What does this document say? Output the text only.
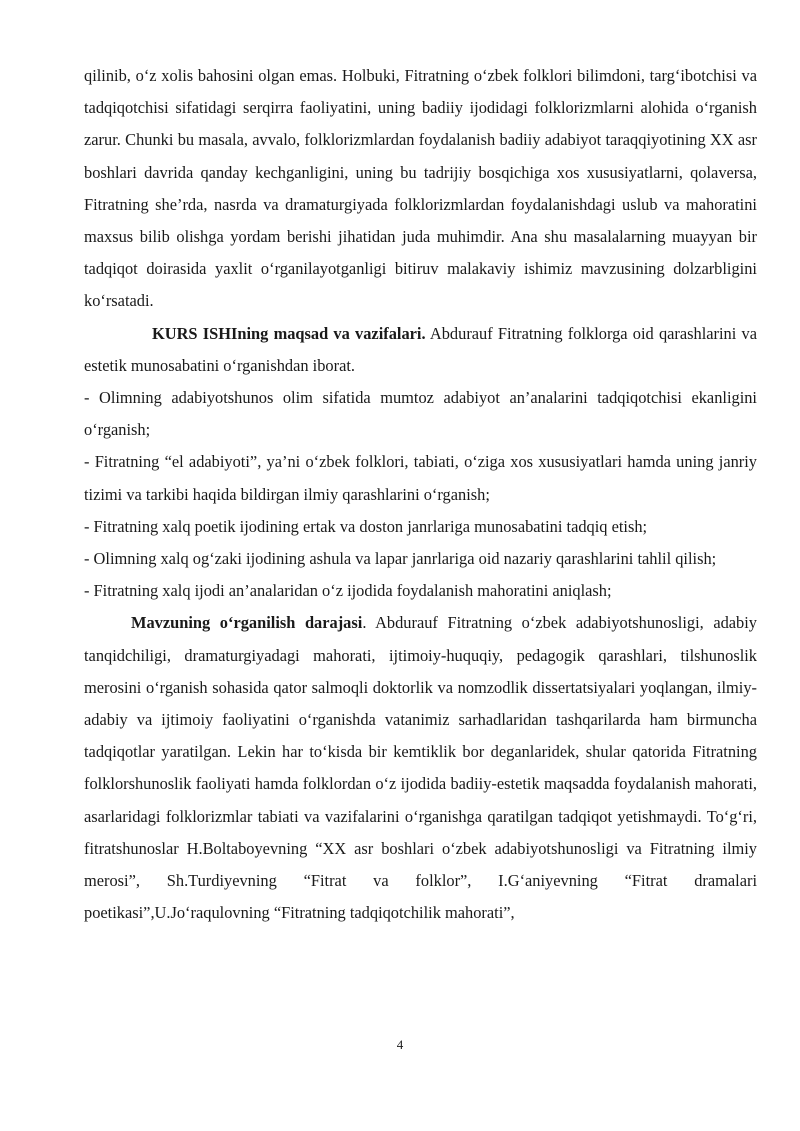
qilinib, o‘z xolis bahosini olgan emas. Holbuki, Fitratning o‘zbek folklori bilimdoni, targ‘ibotchisi va tadqiqotchisi sifatidagi serqirra faoliyatini, uning badiiy ijodidagi folklorizmlarni alohida o‘rganish zarur. Chunki bu masala, avvalo, folklorizmlardan foydalanish badiiy adabiyot taraqqiyotining XX asr boshlari davrida qanday kechganligini, uning bu tadrijiy bosqichiga xos xususiyatlarni, qolaversa, Fitratning she’rda, nasrda va dramaturgiyada folklorizmlardan foydalanishdagi uslub va mahoratini maxsus bilib olishga yordam berishi jihatidan juda muhimdir. Ana shu masalalarning muayyan bir tadqiqot doirasida yaxlit o‘rganilayotganligi bitiruv malakaviy ishimiz mavzusining dolzarbligini ko‘rsatadi.

KURS ISHIning maqsad va vazifalari. Abdurauf Fitratning folklorga oid qarashlarini va estetik munosabatini o‘rganishdan iborat.

- Olimning adabiyotshunos olim sifatida mumtoz adabiyot an’analarini tadqiqotchisi ekanligini o‘rganish;

- Fitratning “el adabiyoti”, ya’ni o‘zbek folklori, tabiati, o‘ziga xos xususiyatlari hamda uning janriy tizimi va tarkibi haqida bildirgan ilmiy qarashlarini o‘rganish;

- Fitratning xalq poetik ijodining ertak va doston janrlariga munosabatini tadqiq etish;

- Olimning xalq og‘zaki ijodining ashula va lapar janrlariga oid nazariy qarashlarini tahlil qilish;

- Fitratning xalq ijodi an’analaridan o‘z ijodida foydalanish mahoratini aniqlash;

Mavzuning o‘rganilish darajasi. Abdurauf Fitratning o‘zbek adabiyotshunosligi, adabiy tanqidchiligi, dramaturgiyadagi mahorati, ijtimoiy-huquqiy, pedagogik qarashlari, tilshunoslik merosini o‘rganish sohasida qator salmoqli doktorlik va nomzodlik dissertatsiyalari yoqlangan, ilmiy-adabiy va ijtimoiy faoliyatini o‘rganishda vatanimiz sarhadlaridan tashqarilarda ham birmuncha tadqiqotlar yaratilgan. Lekin har to‘kisda bir kemtiklik bor deganlaridek, shular qatorida Fitratning folklorshunoslik faoliyati hamda folklordan o‘z ijodida badiiy-estetik maqsadda foydalanish mahorati, asarlaridagi folklorizmlar tabiati va vazifalarini o‘rganishga qaratilgan tadqiqot yetishmaydi. To‘g‘ri, fitratshunoslar H.Boltaboyevning “XX asr boshlari o‘zbek adabiyotshunosligi va Fitratning ilmiy merosi”, Sh.Turdiyevning “Fitrat va folklor”, I.G‘aniyevning “Fitrat dramalari poetikasi”,U.Jo‘raqulovning “Fitratning tadqiqotchilik mahorati”,

4
